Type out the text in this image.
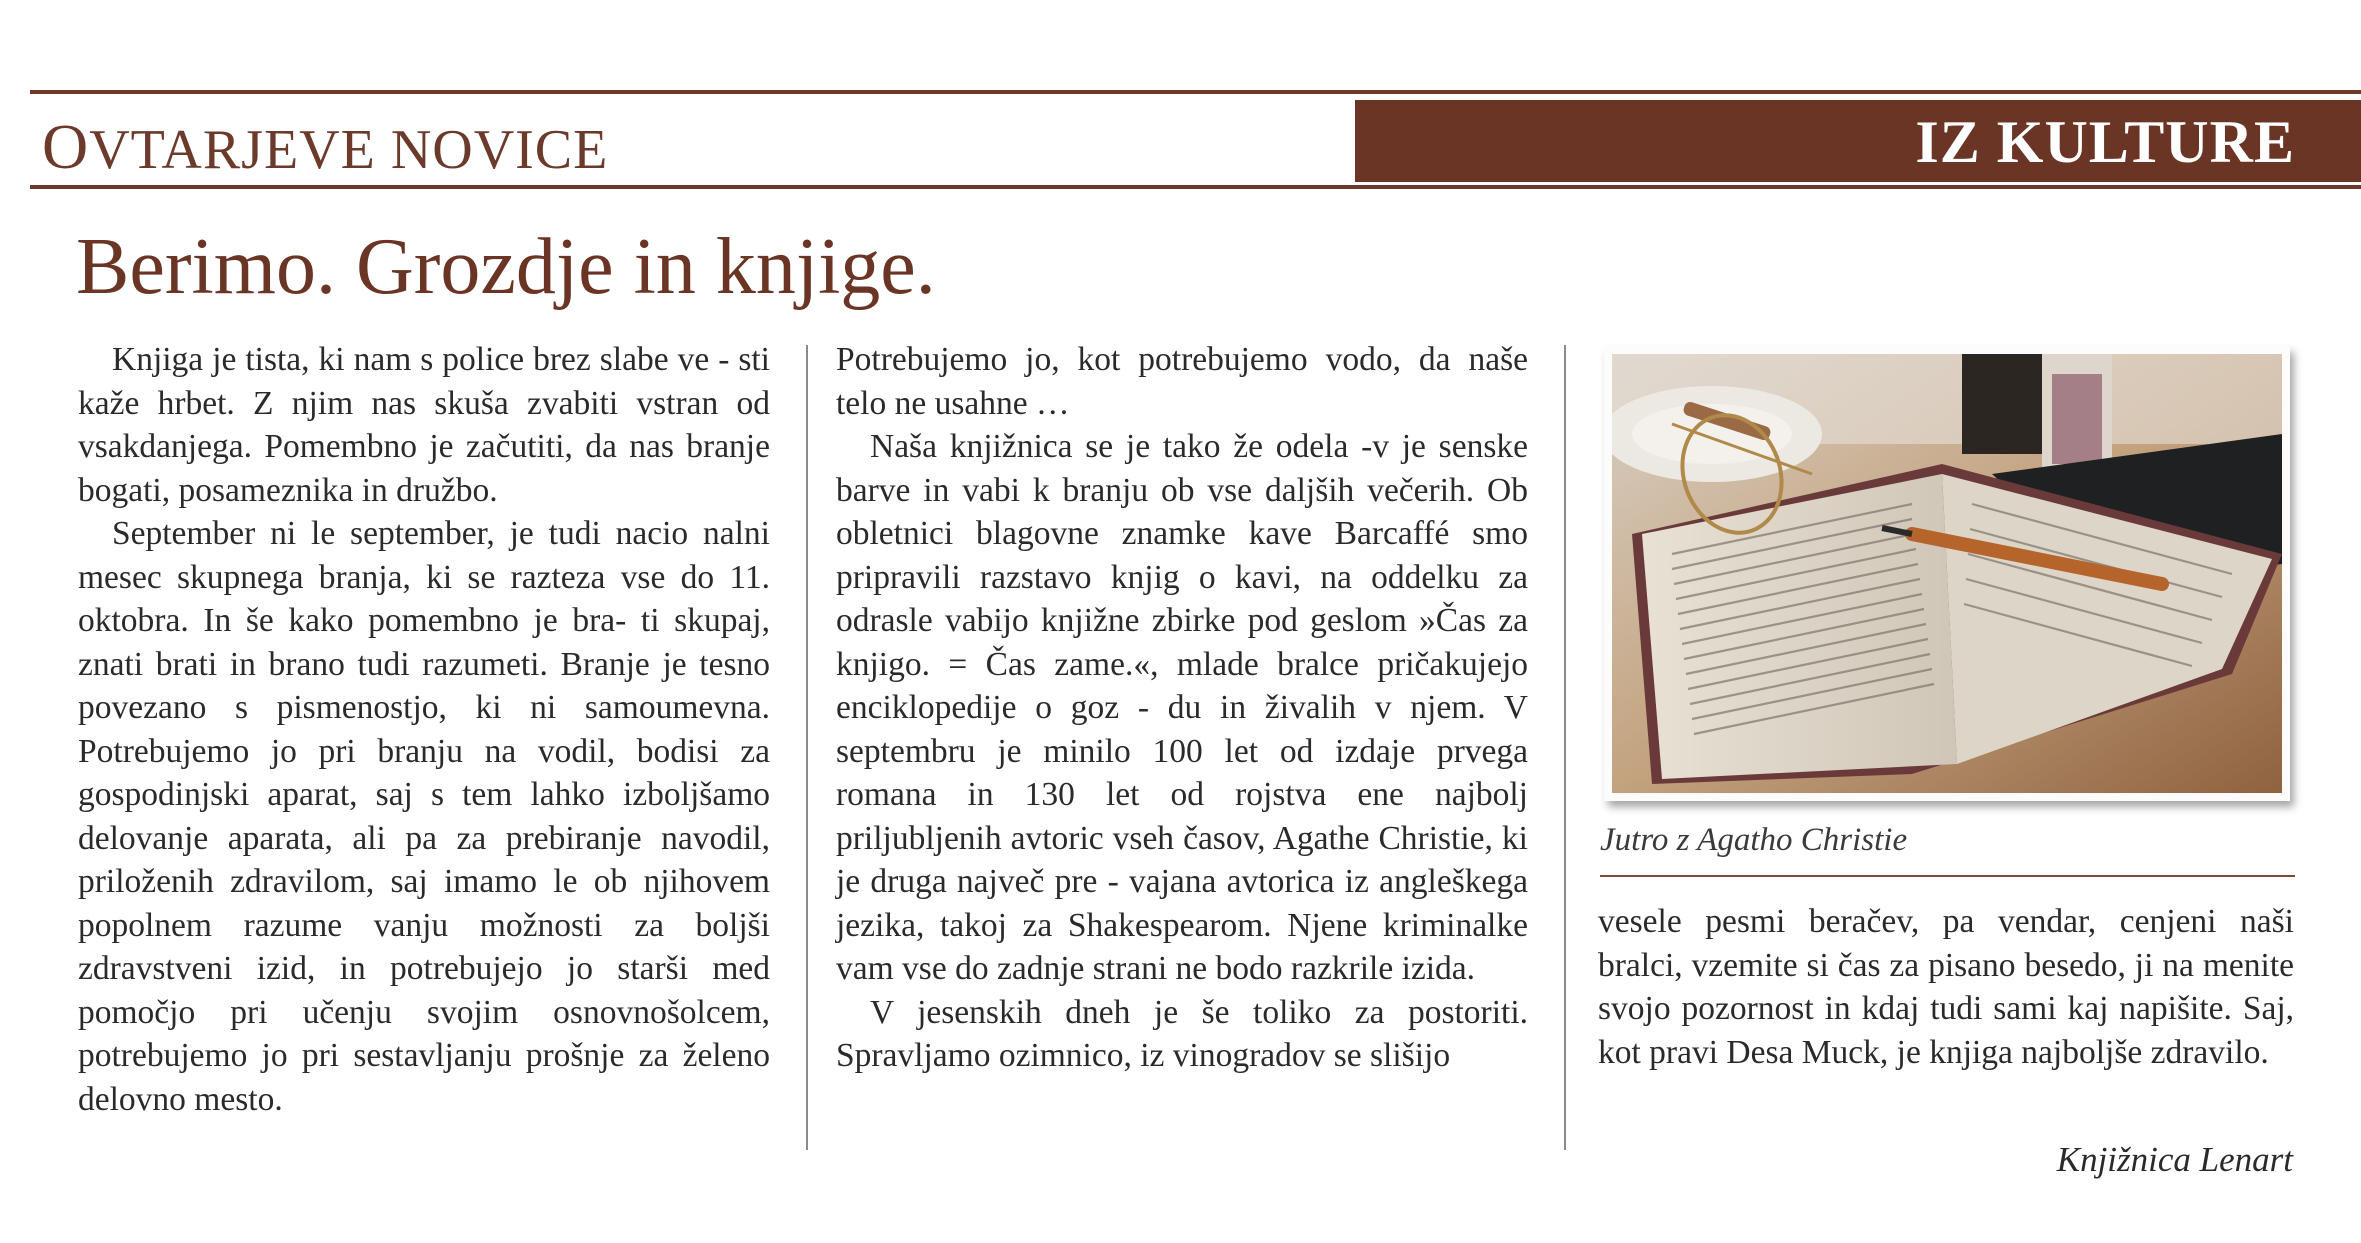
OVTARJEVE NOVICE	IZ KULTURE
Berimo. Grozdje in knjige.

Knjiga je tista, ki nam s police brez slabe ve - sti kaže hrbet. Z njim nas skuša zvabiti vstran od vsakdanjega. Pomembno je začutiti, da nas branje bogati, posameznika in družbo.

September ni le september, je tudi nacio nalni mesec skupnega branja, ki se razteza vse do 11. oktobra. In še kako pomembno je bra- ti skupaj, znati brati in brano tudi razumeti. Branje je tesno povezano s pismenostjo, ki ni samoumevna. Potrebujemo jo pri branju na vodil, bodisi za gospodinjski aparat, saj s tem lahko izboljšamo delovanje aparata, ali pa za prebiranje navodil, priloženih zdravilom, saj imamo le ob njihovem popolnem razume vanju možnosti za boljši zdravstveni izid, in potrebujejo jo starši med pomočjo pri učenju svojim osnovnošolcem, potrebujemo jo pri sestavljanju prošnje za želeno delovno mesto.

Potrebujemo jo, kot potrebujemo vodo, da naše telo ne usahne …

Naša knjižnica se je tako že odela -v je senske barve in vabi k branju ob vse daljših večerih. Ob obletnici blagovne znamke kave Barcaffé smo pripravili razstavo knjig o kavi, na oddelku za odrasle vabijo knjižne zbirke pod geslom »Čas za knjigo. = Čas zame.«, mlade bralce pričakujejo enciklopedije o goz - du in živalih v njem. V septembru je minilo 100 let od izdaje prvega romana in 130 let od rojstva ene najbolj priljubljenih avtoric vseh časov, Agathe Christie, ki je druga največ pre - vajana avtorica iz angleškega jezika, takoj za Shakespearom. Njene kriminalke vam vse do zadnje strani ne bodo razkrile izida.

V jesenskih dneh je še toliko za postoriti. Spravljamo ozimnico, iz vinogradov se slišijo

Jutro z Agatho Christie

vesele pesmi beračev, pa vendar, cenjeni naši bralci, vzemite si čas za pisano besedo, ji na menite svojo pozornost in kdaj tudi sami kaj napišite. Saj, kot pravi Desa Muck, je knjiga najboljše zdravilo.

Knjižnica Lenart
